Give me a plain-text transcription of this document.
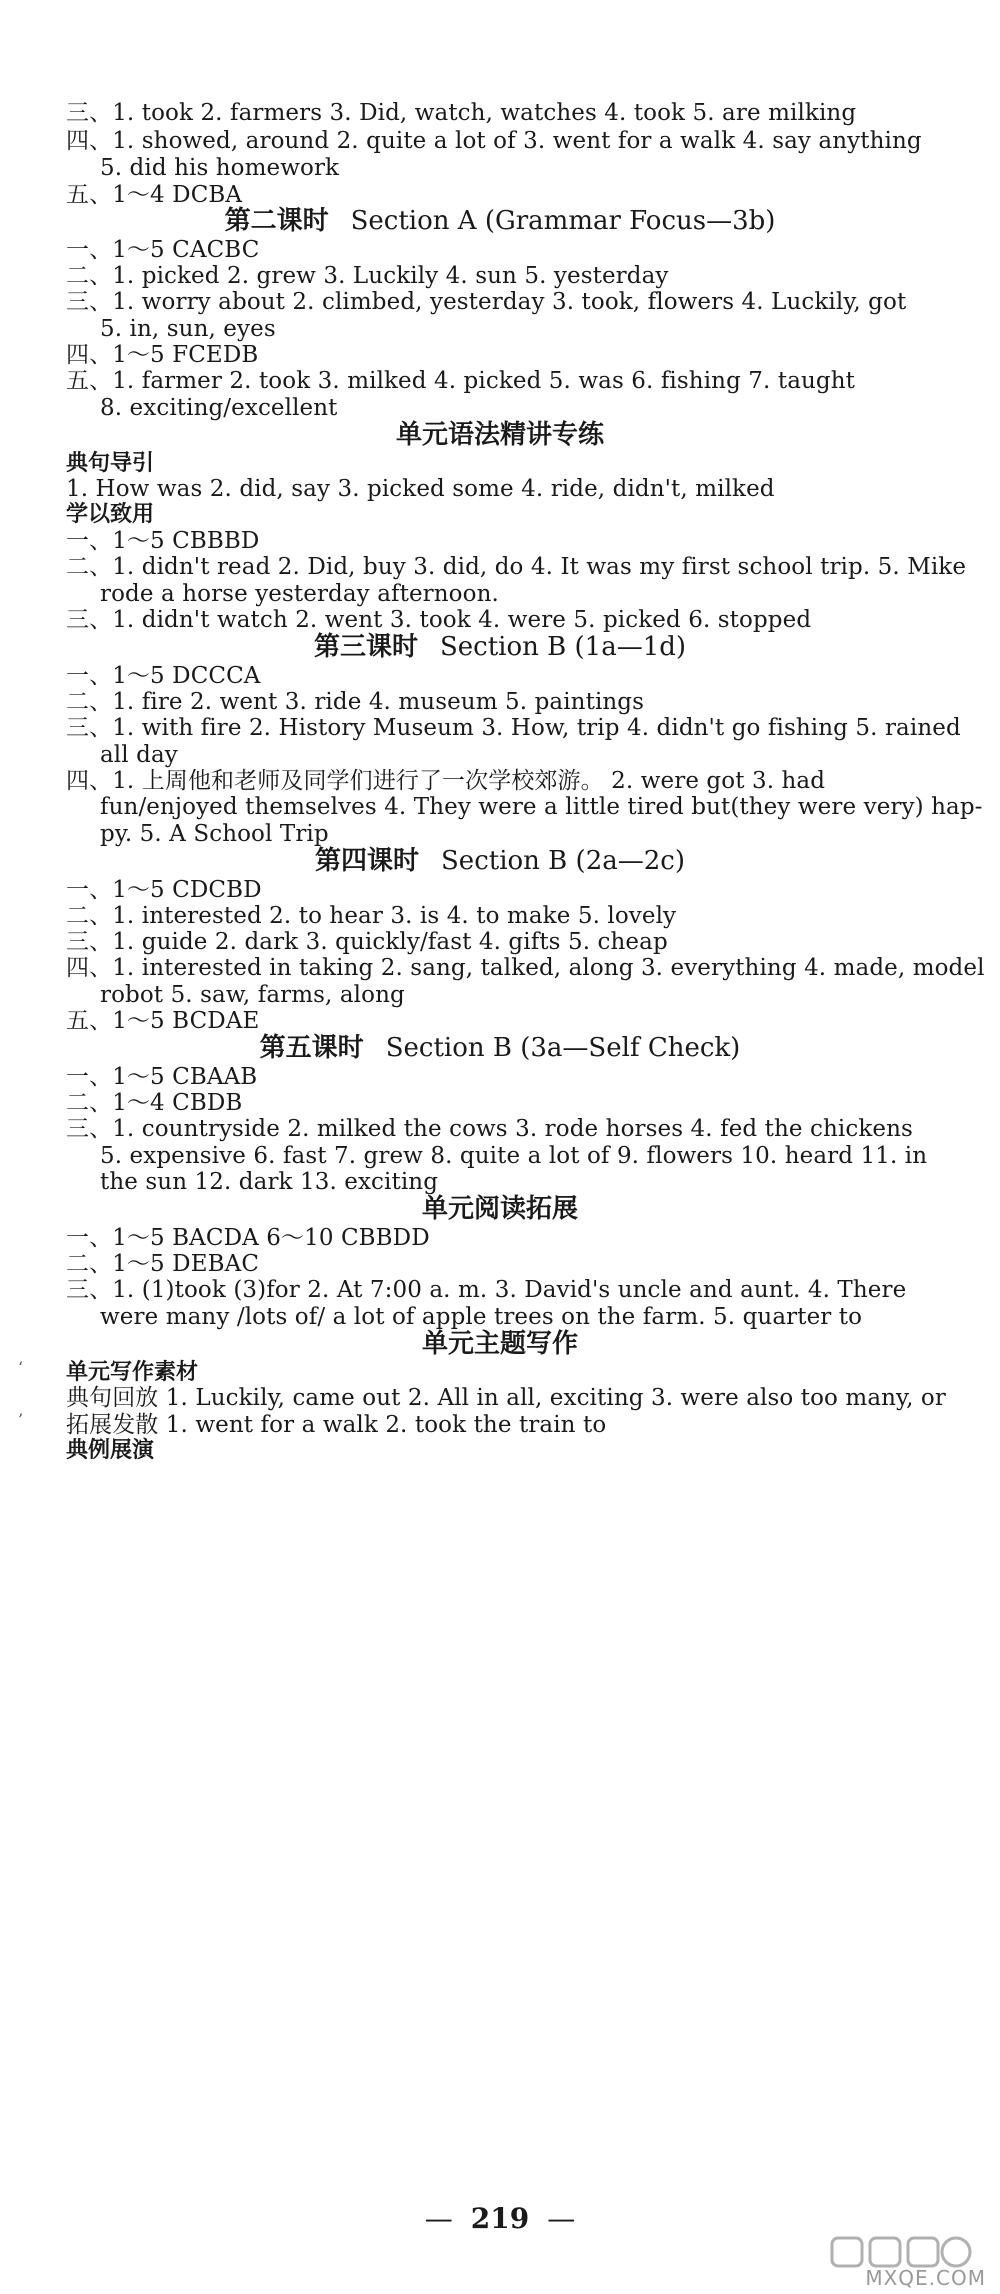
三、1. took 2. farmers 3. Did, watch, watches 4. took 5. are milking
四、1. showed, around 2. quite a lot of 3. went for a walk 4. say anything
5. did his homework
五、1～4 DCBA
第二课时 Section A (Grammar Focus—3b)
一、1～5 CACBC
二、1. picked 2. grew 3. Luckily 4. sun 5. yesterday
三、1. worry about 2. climbed, yesterday 3. took, flowers 4. Luckily, got
5. in, sun, eyes
四、1～5 FCEDB
五、1. farmer 2. took 3. milked 4. picked 5. was 6. fishing 7. taught
8. exciting/excellent
单元语法精讲专练
典句导引
1. How was 2. did, say 3. picked some 4. ride, didn't, milked
学以致用
一、1～5 CBBBD
二、1. didn't read 2. Did, buy 3. did, do 4. It was my first school trip. 5. Mike
rode a horse yesterday afternoon.
三、1. didn't watch 2. went 3. took 4. were 5. picked 6. stopped
第三课时 Section B (1a—1d)
一、1～5 DCCCA
二、1. fire 2. went 3. ride 4. museum 5. paintings
三、1. with fire 2. History Museum 3. How, trip 4. didn't go fishing 5. rained
all day
四、1. 上周他和老师及同学们进行了一次学校郊游。 2. were got 3. had
fun/enjoyed themselves 4. They were a little tired but(they were very) hap-
py. 5. A School Trip
第四课时 Section B (2a—2c)
一、1～5 CDCBD
二、1. interested 2. to hear 3. is 4. to make 5. lovely
三、1. guide 2. dark 3. quickly/fast 4. gifts 5. cheap
四、1. interested in taking 2. sang, talked, along 3. everything 4. made, model
robot 5. saw, farms, along
五、1～5 BCDAE
第五课时 Section B (3a—Self Check)
一、1～5 CBAAB
二、1～4 CBDB
三、1. countryside 2. milked the cows 3. rode horses 4. fed the chickens
5. expensive 6. fast 7. grew 8. quite a lot of 9. flowers 10. heard 11. in
the sun 12. dark 13. exciting
单元阅读拓展
一、1～5 BACDA 6～10 CBBDD
二、1～5 DEBAC
三、1. (1)took (3)for 2. At 7:00 a. m. 3. David's uncle and aunt. 4. There
were many /lots of/ a lot of apple trees on the farm. 5. quarter to
单元主题写作
单元写作素材
典句回放 1. Luckily, came out 2. All in all, exciting 3. were also too many, or
拓展发散 1. went for a walk 2. took the train to
典例展演
‘
’
— 219 —
MXQE.COM
